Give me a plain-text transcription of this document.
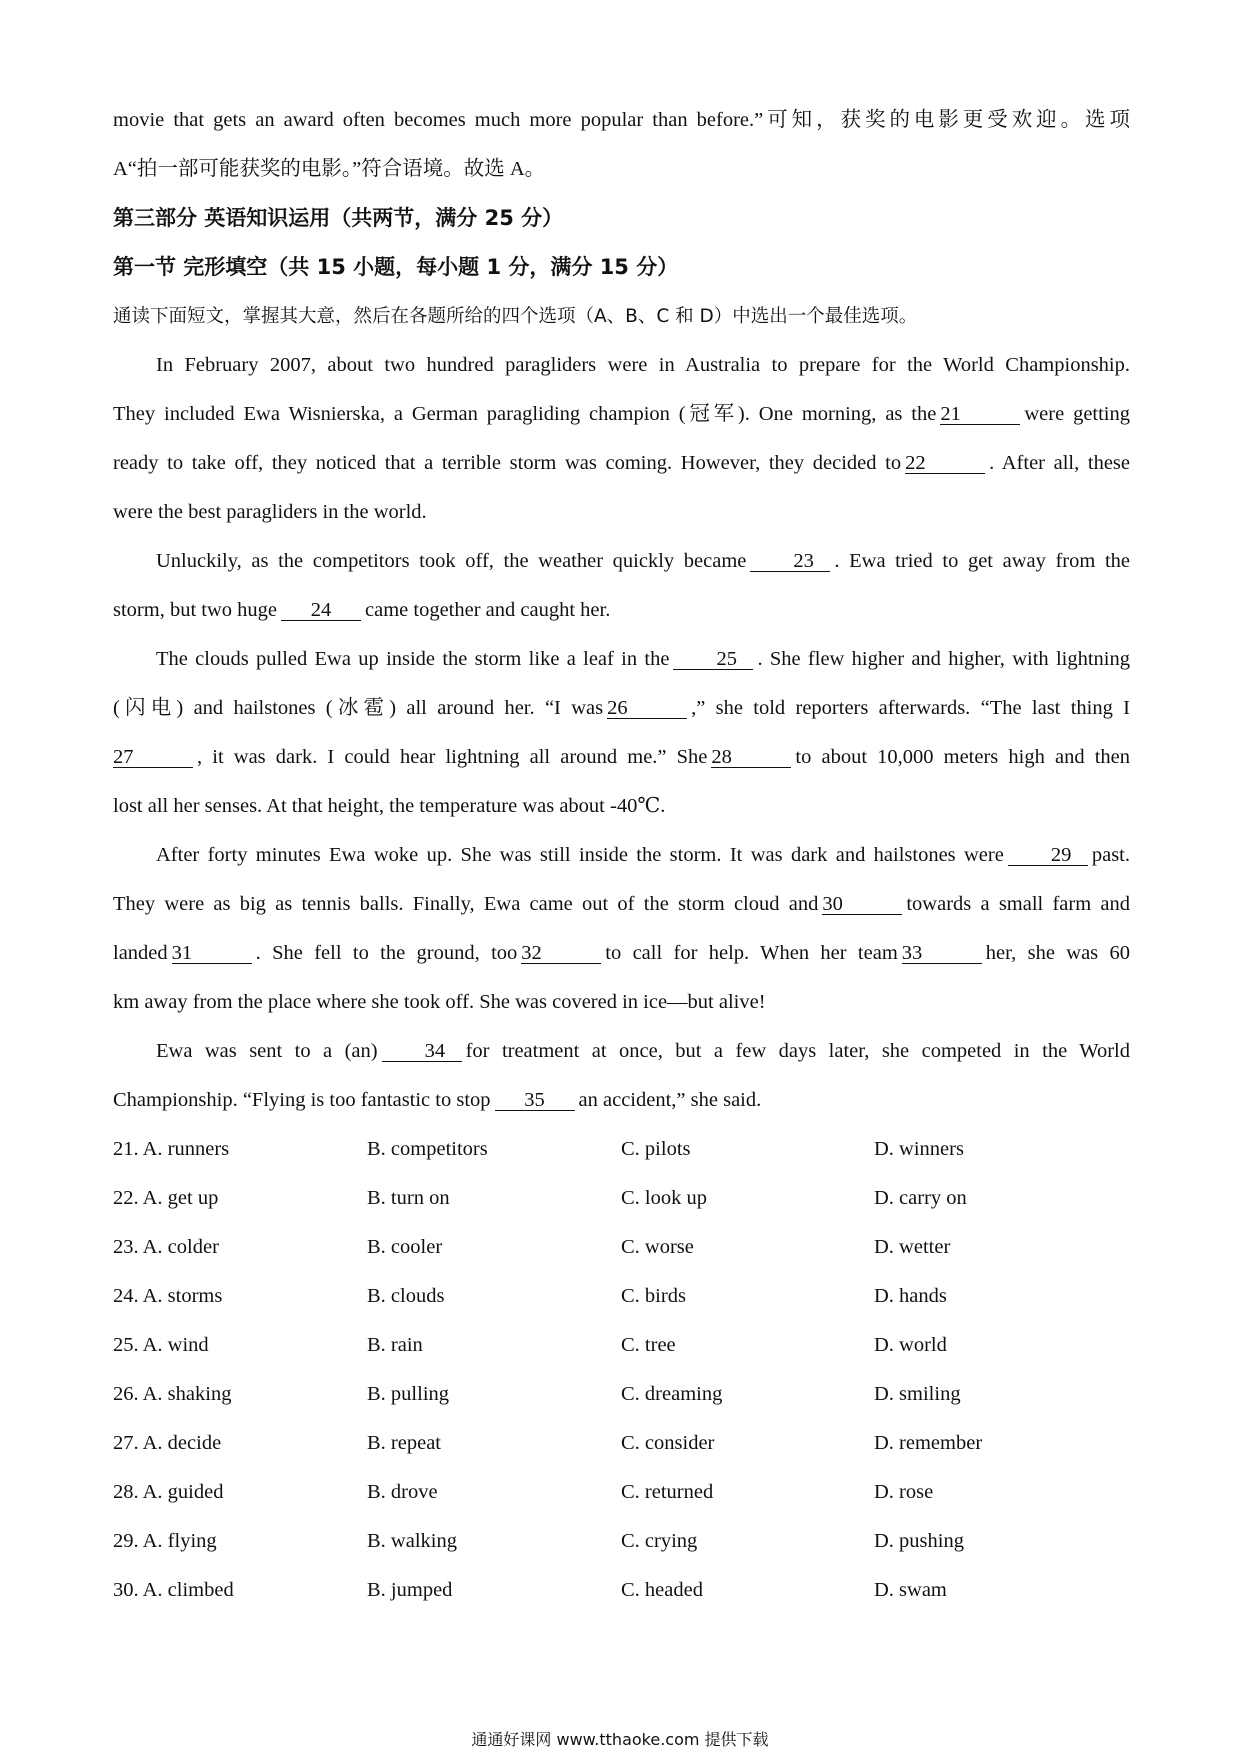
movie that gets an award often becomes much more popular than before.”可知，获奖的电影更受欢迎。选项
A“拍一部可能获奖的电影。”符合语境。故选 A。
第三部分 英语知识运用（共两节，满分 25 分）
第一节 完形填空（共 15 小题，每小题 1 分，满分 15 分）
通读下面短文，掌握其大意，然后在各题所给的四个选项（A、B、C 和 D）中选出一个最佳选项。
In February 2007, about two hundred paragliders were in Australia to prepare for the World Championship.
They included Ewa Wisnierska, a German paragliding champion (冠军). One morning, as the 21	were getting
ready to take off, they noticed that a terrible storm was coming. However, they decided to 22	. After all, these
were the best paragliders in the world.
Unluckily, as the competitors took off, the weather quickly became 23 . Ewa tried to get away from the
storm, but two huge 24 came together and caught her.
The clouds pulled Ewa up inside the storm like a leaf in the 25 . She flew higher and higher, with lightning
(闪电) and hailstones (冰雹) all around her. “I was 26	,” she told reporters afterwards. “The last thing I
27	, it was dark. I could hear lightning all around me.” She 28	to about 10,000 meters high and then
lost all her senses. At that height, the temperature was about -40℃.
After forty minutes Ewa woke up. She was still inside the storm. It was dark and hailstones were 29 past.
They were as big as tennis balls. Finally, Ewa came out of the storm cloud and 30	towards a small farm and
landed 31	. She fell to the ground, too 32	to call for help. When her team 33	her, she was 60
km away from the place where she took off. She was covered in ice—but alive!
Ewa was sent to a (an) 34 for treatment at once, but a few days later, she competed in the World
Championship. “Flying is too fantastic to stop 35 an accident,” she said.
21. A. runners	B. competitors	C. pilots	D. winners
22. A. get up	B. turn on	C. look up	D. carry on
23. A. colder	B. cooler	C. worse	D. wetter
24. A. storms	B. clouds	C. birds	D. hands
25. A. wind	B. rain	C. tree	D. world
26. A. shaking	B. pulling	C. dreaming	D. smiling
27. A. decide	B. repeat	C. consider	D. remember
28. A. guided	B. drove	C. returned	D. rose
29. A. flying	B. walking	C. crying	D. pushing
30. A. climbed	B. jumped	C. headed	D. swam
通通好课网 www.tthaoke.com 提供下载
